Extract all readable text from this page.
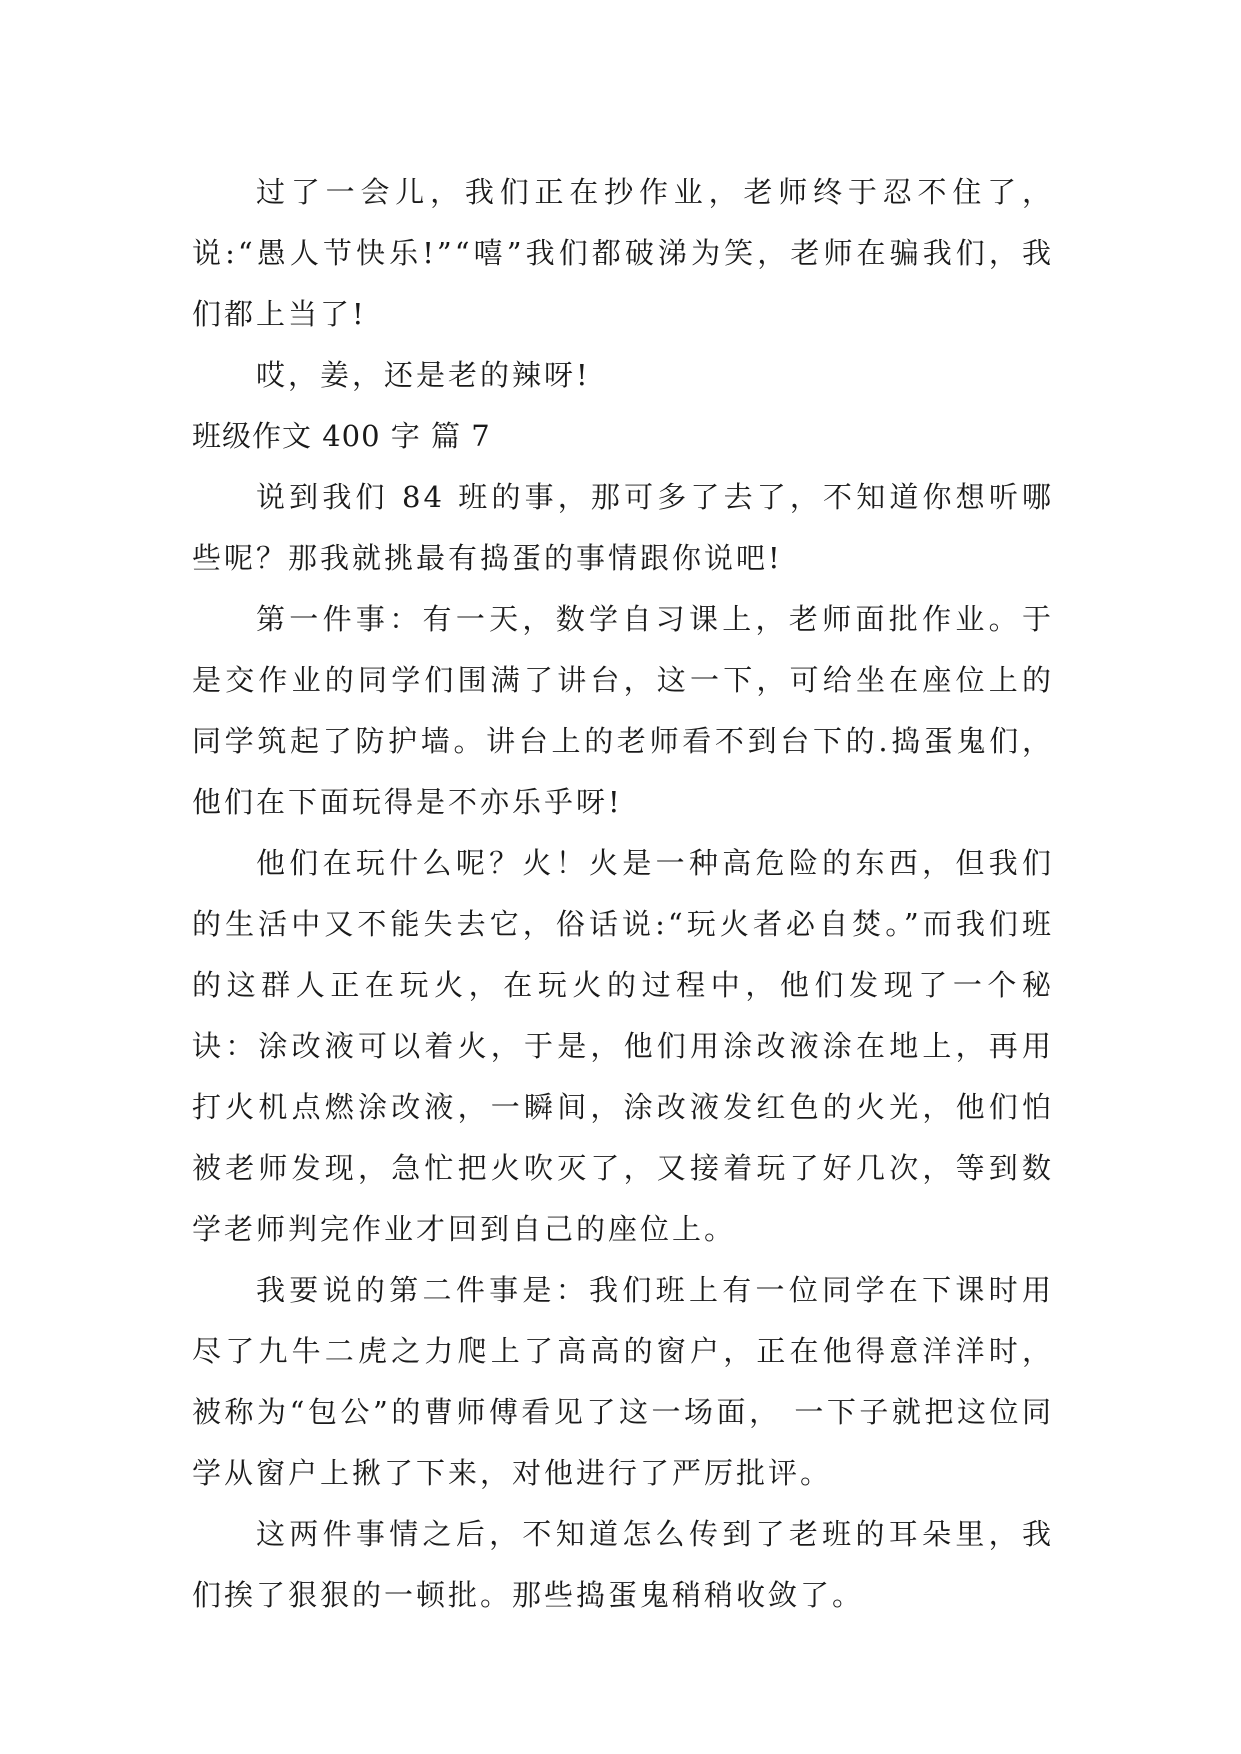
过了一会儿，我们正在抄作业，老师终于忍不住了，说:“愚人节快乐!”“嘻”我们都破涕为笑，老师在骗我们，我们都上当了!

哎，姜，还是老的辣呀!

班级作文 400 字 篇 7

说到我们 84 班的事，那可多了去了，不知道你想听哪些呢？那我就挑最有捣蛋的事情跟你说吧!

第一件事：有一天，数学自习课上，老师面批作业。于是交作业的同学们围满了讲台，这一下，可给坐在座位上的同学筑起了防护墙。讲台上的老师看不到台下的.捣蛋鬼们，他们在下面玩得是不亦乐乎呀!

他们在玩什么呢？火！火是一种高危险的东西，但我们的生活中又不能失去它，俗话说:“玩火者必自焚。”而我们班的这群人正在玩火，在玩火的过程中，他们发现了一个秘诀：涂改液可以着火，于是，他们用涂改液涂在地上，再用打火机点燃涂改液，一瞬间，涂改液发红色的火光，他们怕被老师发现，急忙把火吹灭了，又接着玩了好几次，等到数学老师判完作业才回到自己的座位上。

我要说的第二件事是：我们班上有一位同学在下课时用尽了九牛二虎之力爬上了高高的窗户，正在他得意洋洋时，被称为“包公”的曹师傅看见了这一场面， 一下子就把这位同学从窗户上揪了下来，对他进行了严厉批评。

这两件事情之后，不知道怎么传到了老班的耳朵里，我们挨了狠狠的一顿批。那些捣蛋鬼稍稍收敛了。
